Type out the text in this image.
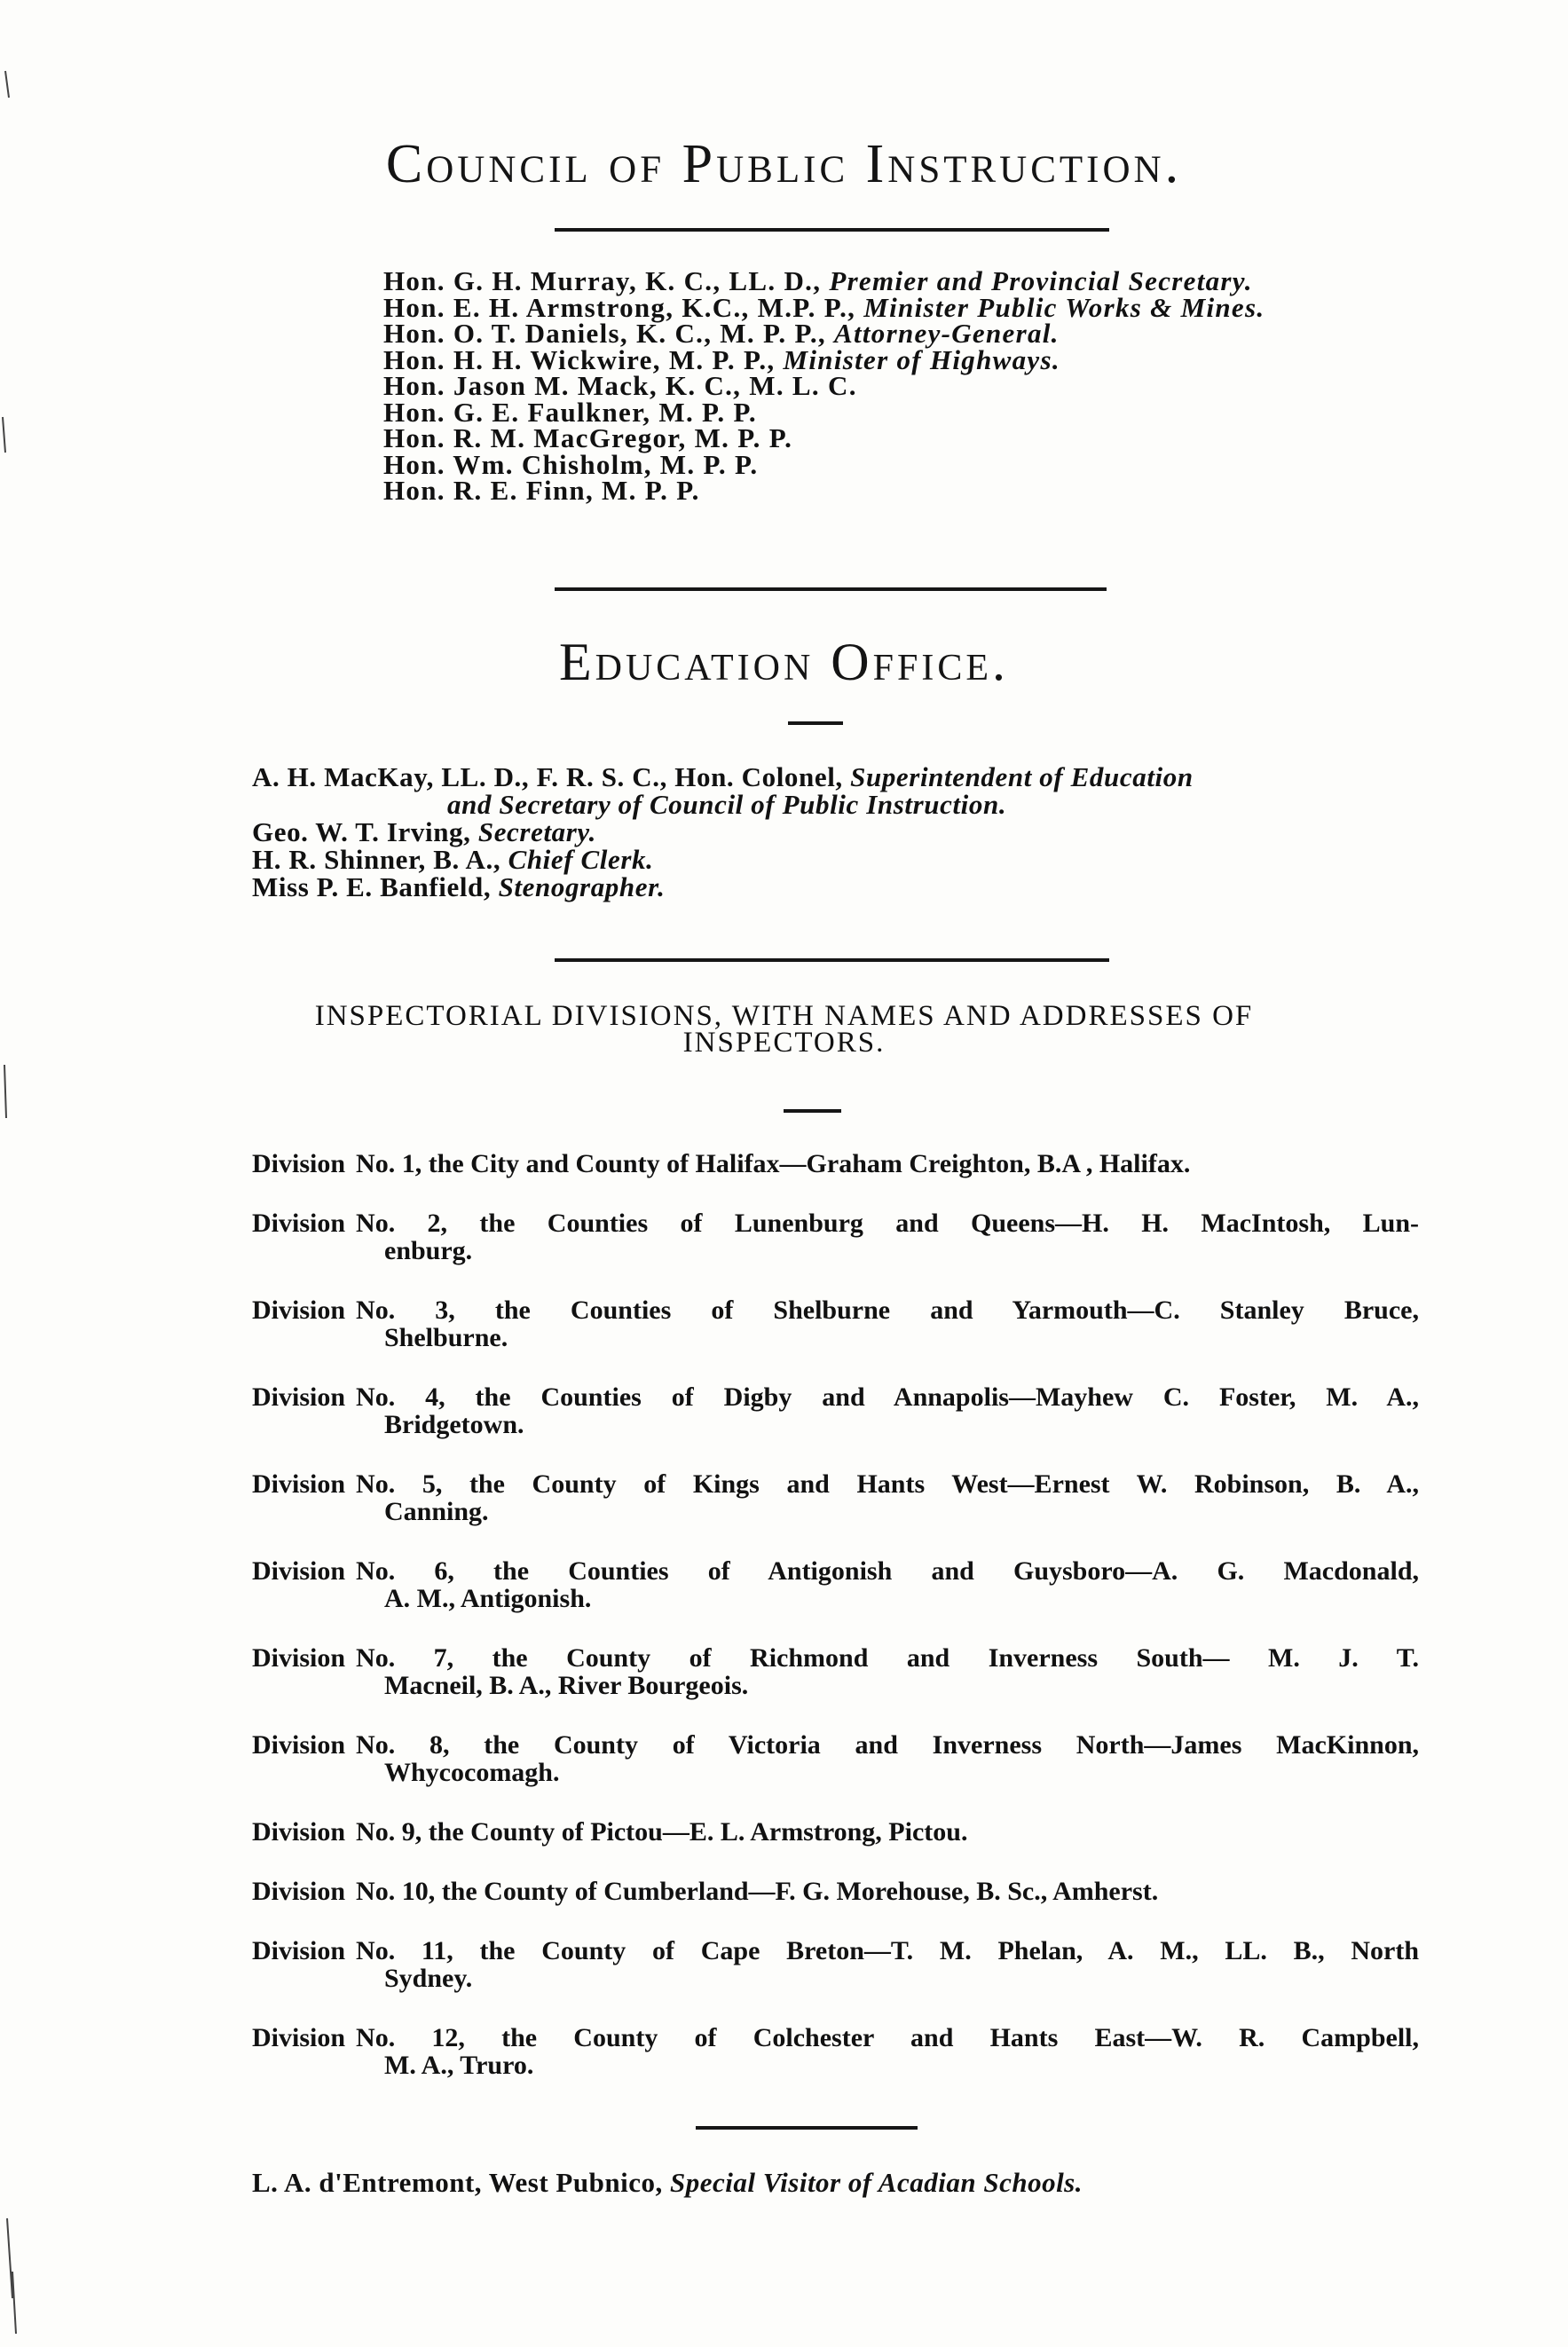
Council of Public Instruction.
Hon. G. H. Murray, K. C., LL. D., Premier and Provincial Secretary.
Hon. E. H. Armstrong, K.C., M.P. P., Minister Public Works & Mines.
Hon. O. T. Daniels, K. C., M. P. P., Attorney-General.
Hon. H. H. Wickwire, M. P. P., Minister of Highways.
Hon. Jason M. Mack, K. C., M. L. C.
Hon. G. E. Faulkner, M. P. P.
Hon. R. M. MacGregor, M. P. P.
Hon. Wm. Chisholm, M. P. P.
Hon. R. E. Finn, M. P. P.
Education Office.
A. H. MacKay, LL. D., F. R. S. C., Hon. Colonel, Superintendent of Education
and Secretary of Council of Public Instruction.
Geo. W. T. Irving, Secretary.
H. R. Shinner, B. A., Chief Clerk.
Miss P. E. Banfield, Stenographer.
INSPECTORIAL DIVISIONS, WITH NAMES AND ADDRESSES OF
INSPECTORS.
Division No. 1, the City and County of Halifax—Graham Creighton, B.A , Halifax.
Division No. 2, the Counties of Lunenburg and Queens—H. H. MacIntosh, Lun-
enburg.
Division No. 3, the Counties of Shelburne and Yarmouth—C. Stanley Bruce,
Shelburne.
Division No. 4, the Counties of Digby and Annapolis—Mayhew C. Foster, M. A.,
Bridgetown.
Division No. 5, the County of Kings and Hants West—Ernest W. Robinson, B. A.,
Canning.
Division No. 6, the Counties of Antigonish and Guysboro—A. G. Macdonald,
A. M., Antigonish.
Division No. 7, the County of Richmond and Inverness South— M. J. T.
Macneil, B. A., River Bourgeois.
Division No. 8, the County of Victoria and Inverness North—James MacKinnon,
Whycocomagh.
Division No. 9, the County of Pictou—E. L. Armstrong, Pictou.
Division No. 10, the County of Cumberland—F. G. Morehouse, B. Sc., Amherst.
Division No. 11, the County of Cape Breton—T. M. Phelan, A. M., LL. B., North
Sydney.
Division No. 12, the County of Colchester and Hants East—W. R. Campbell,
M. A., Truro.
L. A. d'Entremont, West Pubnico, Special Visitor of Acadian Schools.
